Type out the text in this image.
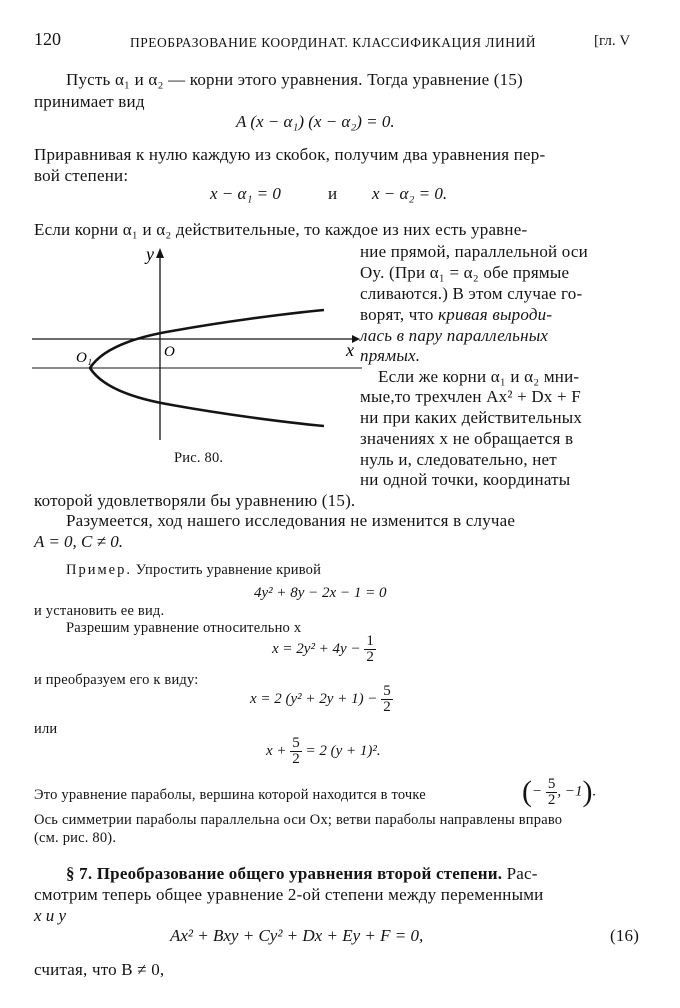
120	ПРЕОБРАЗОВАНИЕ КООРДИНАТ. КЛАССИФИКАЦИЯ ЛИНИЙ	[гл. V
Пусть α₁ и α₂ — корни этого уравнения. Тогда уравнение (15)
принимает вид
A (x − α₁) (x − α₂) = 0.
Приравнивая к нулю каждую из скобок, получим два уравнения пер-
вой степени:
x − α₁ = 0	и x − α₂ = 0.
Если корни α₁ и α₂ действительные, то каждое из них есть уравне-
y
x
O₁	O
Рис. 80.
ние прямой, параллельной оси
Oy. (При α₁ = α₂ обе прямые
сливаются.) В этом случае го-
ворят, что кривая выроди-
лась в пару параллельных
прямых.
Если же корни α₁ и α₂ мни-
мые,то трехчлен Ax² + Dx + F
ни при каких действительных
значениях x не обращается в
нуль и, следовательно, нет
ни одной точки, координаты
которой удовлетворяли бы уравнению (15).
Разумеется, ход нашего исследования не изменится в случае
A = 0, C ≠ 0.
Пример. Упростить уравнение кривой
4y² + 8y − 2x − 1 = 0
и установить ее вид.
Разрешим уравнение относительно x
$x = 2y^2 + 4y - \frac{1}{2}$
и преобразуем его к виду:
x = 2 $(y^2 + 2y + 1) - \frac{5}{2}$
или
$x + \frac{5}{2} = 2$ (y + 1)².
Это уравнение параболы, вершина которой находится в точке	(− $\frac{5}{2}$ , −1).
Ось симметрии параболы параллельна оси Ox; ветви параболы направлены вправо
(см. рис. 80).
§ 7. Преобразование общего уравнения второй степени. Рас-
смотрим теперь общее уравнение 2-ой степени между переменными
x и y
Ax² + Bxy + Cy² + Dx + Ey + F = 0,	(16)
считая, что B ≠ 0,
